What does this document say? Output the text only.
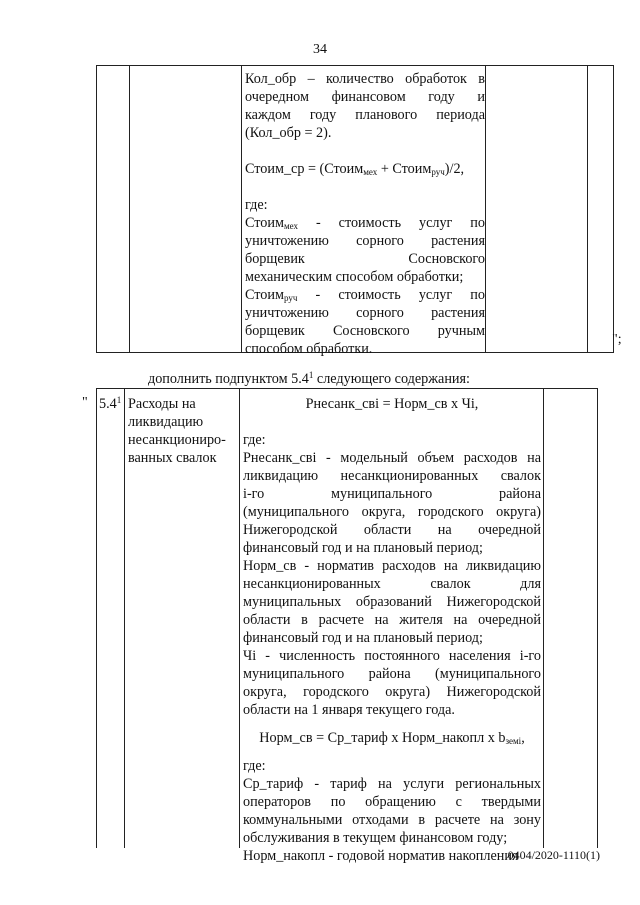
34
Кол_обр – количество обработок в
очередном финансовом году и
каждом году планового периода
(Кол_обр = 2).
Стоим_ср = (Стоим$_{мех}$ + Стоим$_{руч}$)/2,
где:
Стоим$_{мех}$ - стоимость услуг по
уничтожению сорного растения
борщевик Сосновского
механическим способом обработки;
Стоим$_{руч}$ - стоимость услуг по
уничтожению сорного растения
борщевик Сосновского ручным
способом обработки.
";
дополнить подпунктом $5.4^1$ следующего содержания:
" $5.4^1$ Расходы на
ликвидацию
несанкциониро-
ванных свалок
Рнесанк_свi = Норм_св х Чi,
где:
Рнесанк_свi - модельный объем расходов на
ликвидацию несанкционированных свалок
i-го муниципального района
(муниципального округа, городского округа)
Нижегородской области на очередной
финансовый год и на плановый период;
Норм_св - норматив расходов на ликвидацию
несанкционированных свалок для
муниципальных образований Нижегородской
области в расчете на жителя на очередной
финансовый год и на плановый период;
Чi - численность постоянного населения i-го
муниципального района (муниципального
округа, городского округа) Нижегородской
области на 1 января текущего года.
Норм_св = Ср_тариф х Норм_накопл х $b_{земi}$,
где:
Ср_тариф - тариф на услуги региональных
операторов по обращению с твердыми
коммунальными отходами в расчете на зону
обслуживания в текущем финансовом году;
Норм_накопл - годовой норматив накопления
0404/2020-1110(1)
